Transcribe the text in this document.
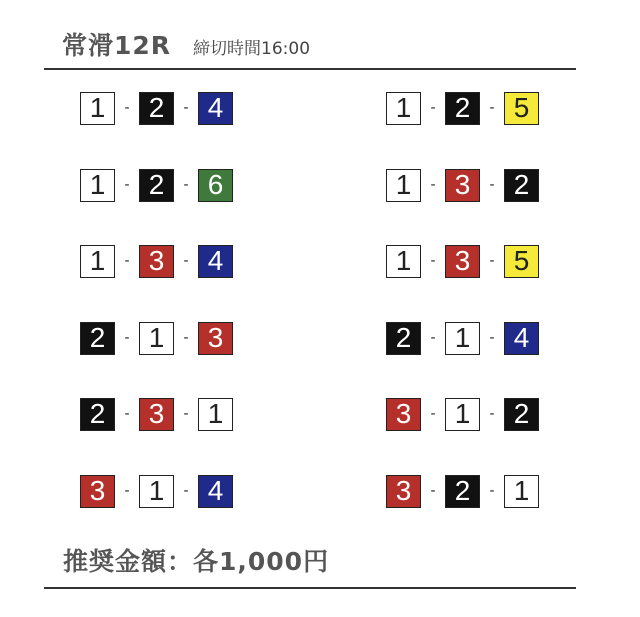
常滑12R 締切時間16:00
1	- 2	- 4	1	- 2	- 5
1	- 2	- 6	1	- 3	- 2
1	- 3	- 4	1	- 3	- 5
2	- 1	- 3	2	- 1	- 4
2	- 3	- 1	3	- 1	- 2
3	- 1	- 4	3	- 2	- 1
推奨金額：各1,000円
